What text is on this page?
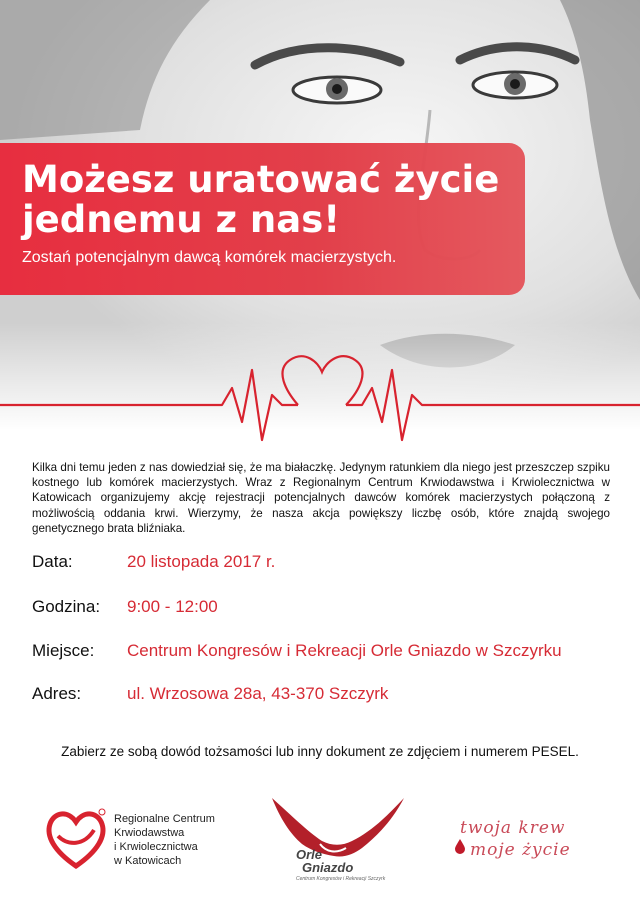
Możesz uratować życie
jednemu z nas!
Zostań potencjalnym dawcą komórek macierzystych.
Kilka dni temu jeden z nas dowiedział się, że ma białaczkę. Jedynym ratunkiem dla niego jest przeszczep szpiku kostnego lub komórek macierzystych. Wraz z Regionalnym Centrum Krwiodawstwa i Krwiolecznictwa w Katowicach organizujemy akcję rejestracji potencjalnych dawców komórek macierzystych połączoną z możliwością oddania krwi. Wierzymy, że nasza akcja powiększy liczbę osób, które znajdą swojego genetycznego brata bliźniaka.
Data:	20 listopada 2017 r.
Godzina: 9:00 - 12:00
Miejsce: Centrum Kongresów i Rekreacji Orle Gniazdo w Szczyrku
Adres:	ul. Wrzosowa 28a, 43-370 Szczyrk
Zabierz ze sobą dowód tożsamości lub inny dokument ze zdjęciem i numerem PESEL.
Regionalne Centrum
Krwiodawstwa
i Krwiolecznictwa
w Katowicach	Orle
Gniazdo
Centrum Kongresów i Rekreacji Szczyrk
twoja krew
moje życie
